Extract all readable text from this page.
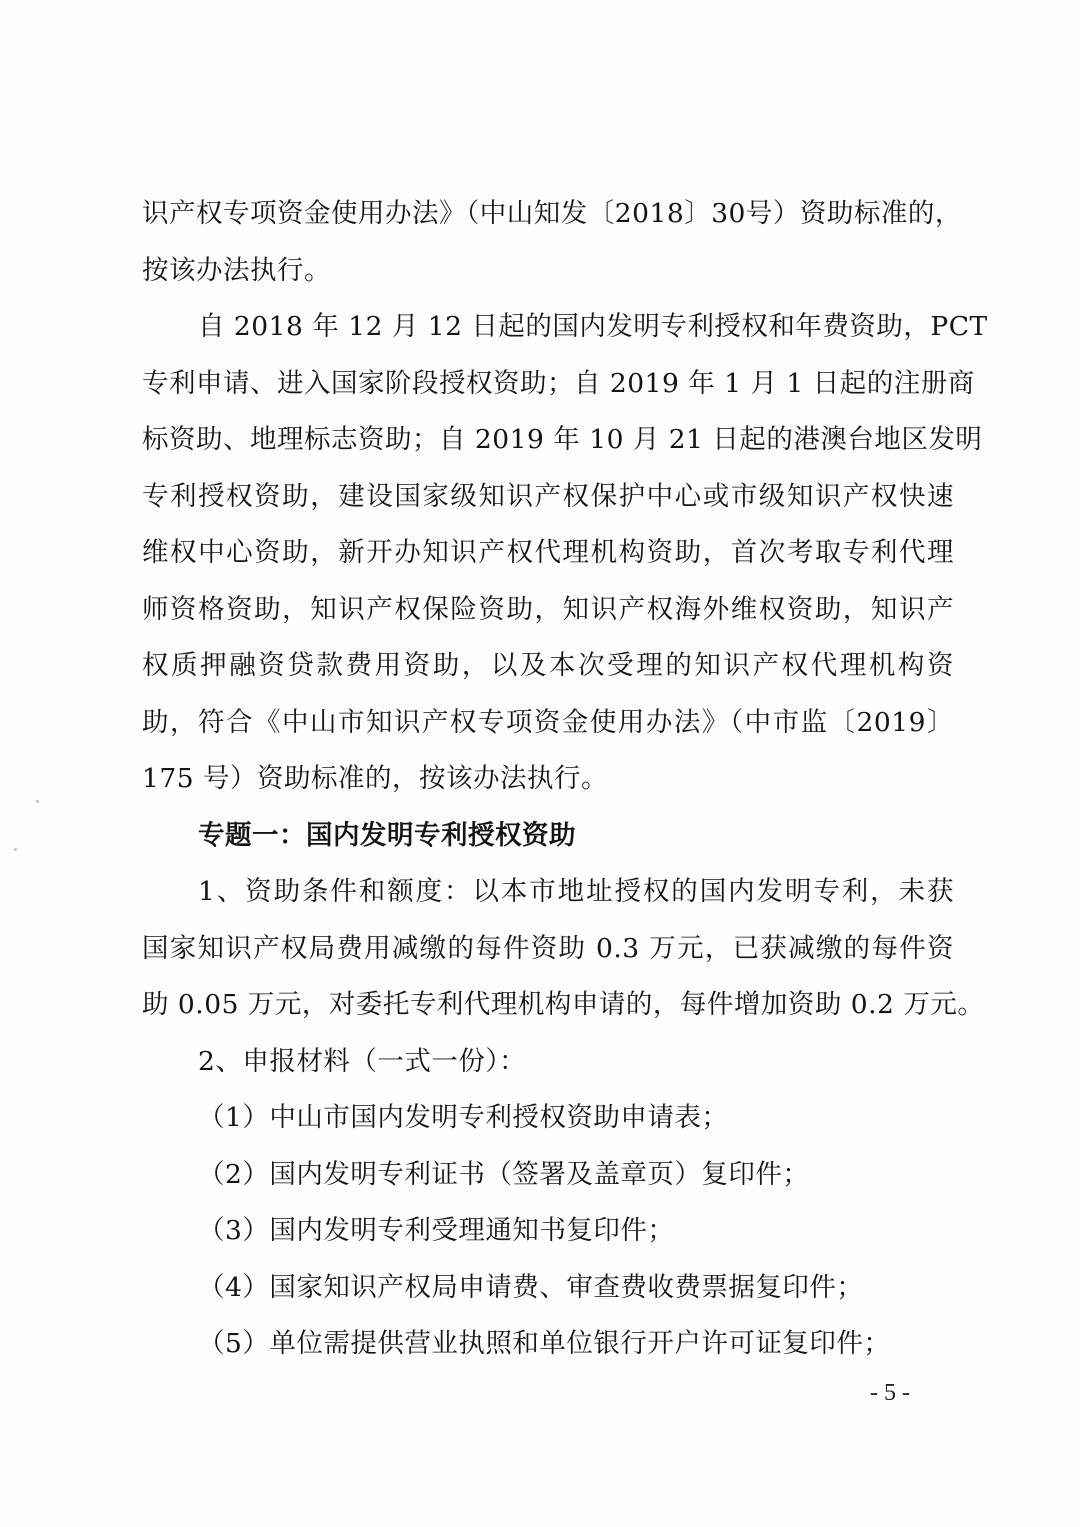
识产权专项资金使用办法》（中山知发〔2018〕30号）资助标准的，
按该办法执行。
自 2018 年 12 月 12 日起的国内发明专利授权和年费资助，PCT
专利申请、进入国家阶段授权资助；自 2019 年 1 月 1 日起的注册商
标资助、地理标志资助；自 2019 年 10 月 21 日起的港澳台地区发明
专利授权资助，建设国家级知识产权保护中心或市级知识产权快速
维权中心资助，新开办知识产权代理机构资助，首次考取专利代理
师资格资助，知识产权保险资助，知识产权海外维权资助，知识产
权质押融资贷款费用资助，以及本次受理的知识产权代理机构资
助，符合《中山市知识产权专项资金使用办法》（中市监〔2019〕
175 号）资助标准的，按该办法执行。
专题一：国内发明专利授权资助
1、资助条件和额度：以本市地址授权的国内发明专利，未获
国家知识产权局费用减缴的每件资助 0.3 万元，已获减缴的每件资
助 0.05 万元，对委托专利代理机构申请的，每件增加资助 0.2 万元。
2、申报材料（一式一份）：
（1）中山市国内发明专利授权资助申请表；
（2）国内发明专利证书（签署及盖章页）复印件；
（3）国内发明专利受理通知书复印件；
（4）国家知识产权局申请费、审查费收费票据复印件；
（5）单位需提供营业执照和单位银行开户许可证复印件；
- 5 -
